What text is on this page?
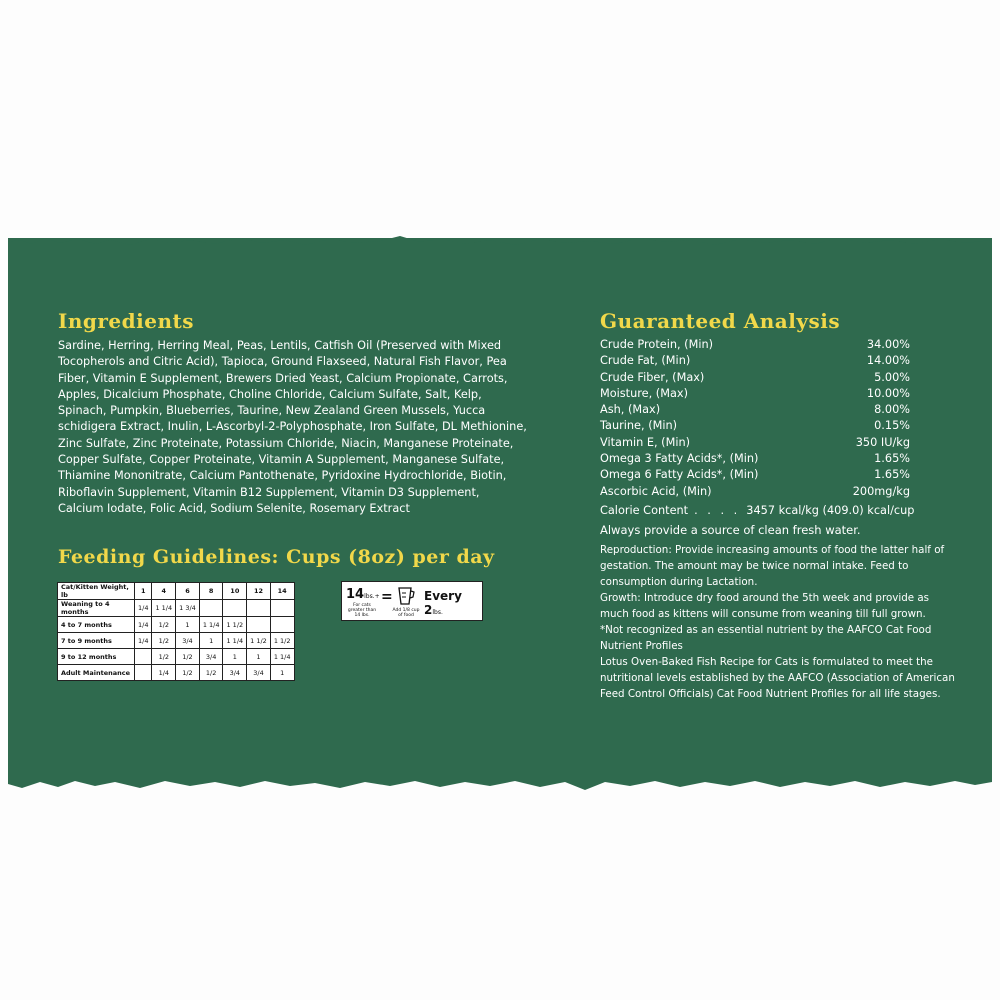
Ingredients
Sardine, Herring, Herring Meal, Peas, Lentils, Catfish Oil (Preserved with Mixed Tocopherols and Citric Acid), Tapioca, Ground Flaxseed, Natural Fish Flavor, Pea Fiber, Vitamin E Supplement, Brewers Dried Yeast, Calcium Propionate, Carrots, Apples, Dicalcium Phosphate, Choline Chloride, Calcium Sulfate, Salt, Kelp, Spinach, Pumpkin, Blueberries, Taurine, New Zealand Green Mussels, Yucca schidigera Extract, Inulin, L-Ascorbyl-2-Polyphosphate, Iron Sulfate, DL Methionine, Zinc Sulfate, Zinc Proteinate, Potassium Chloride, Niacin, Manganese Proteinate, Copper Sulfate, Copper Proteinate, Vitamin A Supplement, Manganese Sulfate, Thiamine Mononitrate, Calcium Pantothenate, Pyridoxine Hydrochloride, Biotin, Riboflavin Supplement, Vitamin B12 Supplement, Vitamin D3 Supplement, Calcium Iodate, Folic Acid, Sodium Selenite, Rosemary Extract
Feeding Guidelines: Cups (8oz) per day
Cat/Kitten Weight, lb	1	4	6	8	10	12	14
Weaning to 4 months	1/4	1 1/4	1 3/4				
4 to 7 months	1/4	1/2	1	1 1/4	1 1/2		
7 to 9 months	1/4	1/2	3/4	1	1 1/4	1 1/2	1 1/2
9 to 12 months		1/2	1/2	3/4	1	1	1 1/4
Adult Maintenance		1/4	1/2	1/2	3/4	3/4	1
14lbs.+
For cats greater than 14 lbs.
=
Add 1/8 cup of food
Every 2lbs.
Guaranteed Analysis
Crude Protein, (Min)	34.00%
Crude Fat, (Min)	14.00%
Crude Fiber, (Max)	5.00%
Moisture, (Max)	10.00%
Ash, (Max)	8.00%
Taurine, (Min)	0.15%
Vitamin E, (Min)	350 IU/kg
Omega 3 Fatty Acids*, (Min)	1.65%
Omega 6 Fatty Acids*, (Min)	1.65%
Ascorbic Acid, (Min)	200mg/kg
Calorie Content . . . . 3457 kcal/kg (409.0) kcal/cup
Always provide a source of clean fresh water.

Reproduction: Provide increasing amounts of food the latter half of gestation. The amount may be twice normal intake. Feed to consumption during Lactation.

Growth: Introduce dry food around the 5th week and provide as much food as kittens will consume from weaning till full grown.

*Not recognized as an essential nutrient by the AAFCO Cat Food Nutrient Profiles

Lotus Oven-Baked Fish Recipe for Cats is formulated to meet the nutritional levels established by the AAFCO (Association of American Feed Control Officials) Cat Food Nutrient Profiles for all life stages.
